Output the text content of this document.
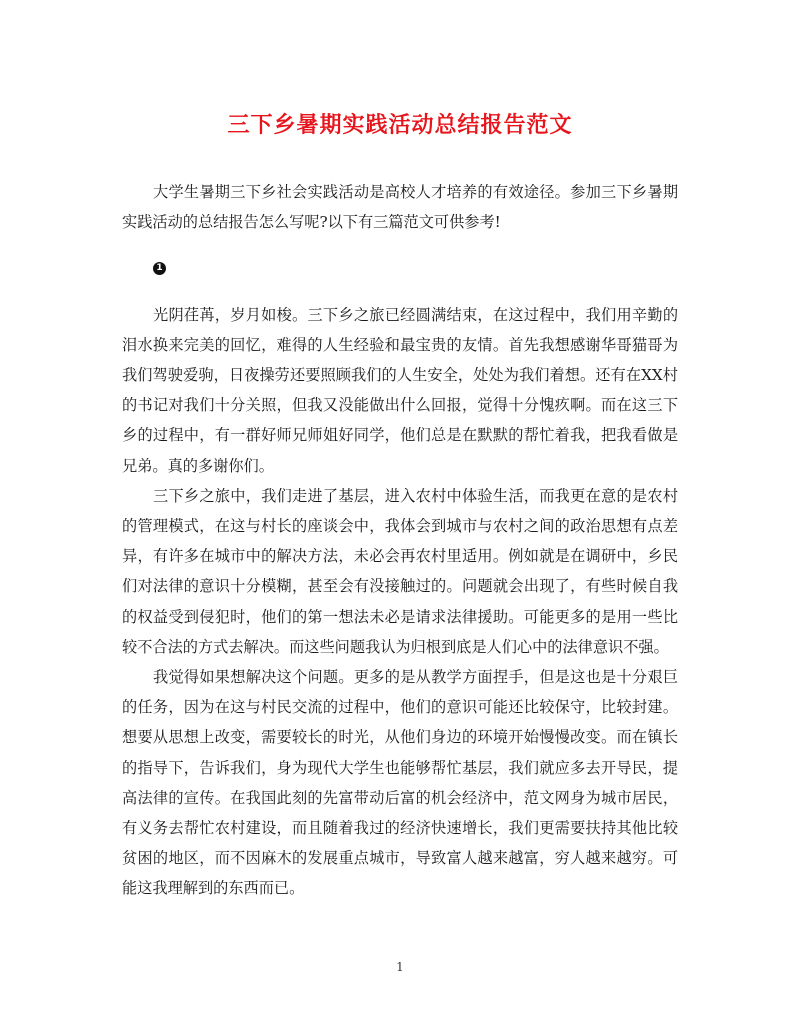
三下乡暑期实践活动总结报告范文

大学生暑期三下乡社会实践活动是高校人才培养的有效途径。参加三下乡暑期实践活动的总结报告怎么写呢?以下有三篇范文可供参考!

1

光阴荏苒，岁月如梭。三下乡之旅已经圆满结束，在这过程中，我们用辛勤的泪水换来完美的回忆，难得的人生经验和最宝贵的友情。首先我想感谢华哥猫哥为我们驾驶爱驹，日夜操劳还要照顾我们的人生安全，处处为我们着想。还有在XX村的书记对我们十分关照，但我又没能做出什么回报，觉得十分愧疚啊。而在这三下乡的过程中，有一群好师兄师姐好同学，他们总是在默默的帮忙着我，把我看做是兄弟。真的多谢你们。

三下乡之旅中，我们走进了基层，进入农村中体验生活，而我更在意的是农村的管理模式，在这与村长的座谈会中，我体会到城市与农村之间的政治思想有点差异，有许多在城市中的解决方法，未必会再农村里适用。例如就是在调研中，乡民们对法律的意识十分模糊，甚至会有没接触过的。问题就会出现了，有些时候自我的权益受到侵犯时，他们的第一想法未必是请求法律援助。可能更多的是用一些比较不合法的方式去解决。而这些问题我认为归根到底是人们心中的法律意识不强。

我觉得如果想解决这个问题。更多的是从教学方面捏手，但是这也是十分艰巨的任务，因为在这与村民交流的过程中，他们的意识可能还比较保守，比较封建。想要从思想上改变，需要较长的时光，从他们身边的环境开始慢慢改变。而在镇长的指导下，告诉我们，身为现代大学生也能够帮忙基层，我们就应多去开导民，提高法律的宣传。在我国此刻的先富带动后富的机会经济中，范文网身为城市居民，有义务去帮忙农村建设，而且随着我过的经济快速增长，我们更需要扶持其他比较贫困的地区，而不因麻木的发展重点城市，导致富人越来越富，穷人越来越穷。可能这我理解到的东西而已。

1
